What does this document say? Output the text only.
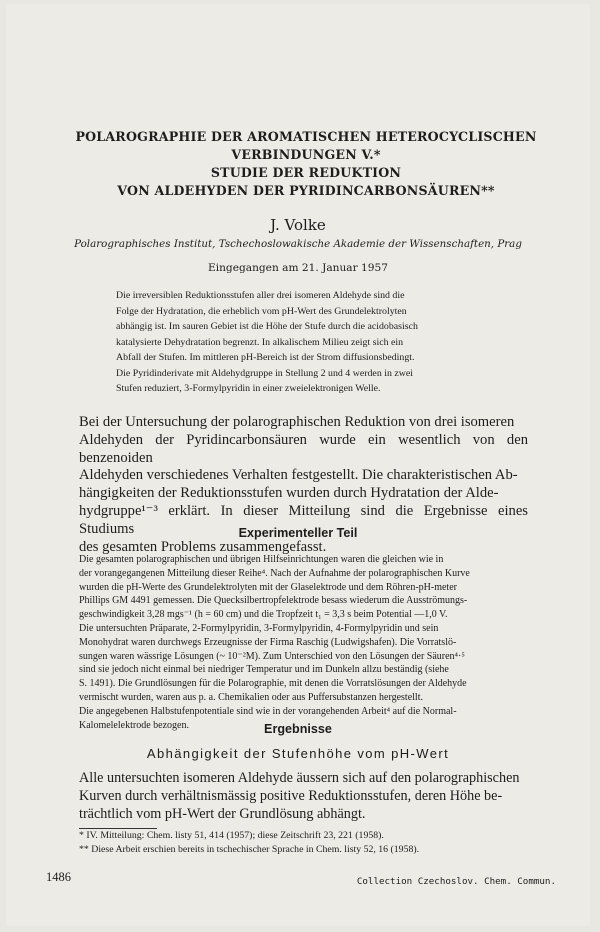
POLAROGRAPHIE DER AROMATISCHEN HETEROCYCLISCHEN
VERBINDUNGEN V.*
STUDIE DER REDUKTION
VON ALDEHYDEN DER PYRIDINCARBONSÄUREN**
J. Volke
Polarographisches Institut, Tschechoslowakische Akademie der Wissenschaften, Prag
Eingegangen am 21. Januar 1957
Die irreversiblen Reduktionsstufen aller drei isomeren Aldehyde sind die
Folge der Hydratation, die erheblich vom pH-Wert des Grundelektrolyten
abhängig ist. Im sauren Gebiet ist die Höhe der Stufe durch die acidobasisch
katalysierte Dehydratation begrenzt. In alkalischem Milieu zeigt sich ein
Abfall der Stufen. Im mittleren pH-Bereich ist der Strom diffusionsbedingt.
Die Pyridinderivate mit Aldehydgruppe in Stellung 2 und 4 werden in zwei
Stufen reduziert, 3-Formylpyridin in einer zweielektronigen Welle.
Bei der Untersuchung der polarographischen Reduktion von drei isomeren
Aldehyden der Pyridincarbonsäuren wurde ein wesentlich von den benzenoiden
Aldehyden verschiedenes Verhalten festgestellt. Die charakteristischen Ab-
hängigkeiten der Reduktionsstufen wurden durch Hydratation der Alde-
hydgruppe¹⁻³ erklärt. In dieser Mitteilung sind die Ergebnisse eines Studiums
des gesamten Problems zusammengefasst.
Experimenteller Teil
Die gesamten polarographischen und übrigen Hilfseinrichtungen waren die gleichen wie in
der vorangegangenen Mitteilung dieser Reihe⁴. Nach der Aufnahme der polarographischen Kurve
wurden die pH-Werte des Grundelektrolyten mit der Glaselektrode und dem Röhren-pH-meter
Phillips GM 4491 gemessen. Die Quecksilbertropfelektrode besass wiederum die Ausströmungs-
geschwindigkeit 3,28 mgs⁻¹ (h = 60 cm) und die Tropfzeit t₁ = 3,3 s beim Potential —1,0 V.
Die untersuchten Präparate, 2-Formylpyridin, 3-Formylpyridin, 4-Formylpyridin und sein
Monohydrat waren durchwegs Erzeugnisse der Firma Raschig (Ludwigshafen). Die Vorratslö-
sungen waren wässrige Lösungen (~ 10⁻²M). Zum Unterschied von den Lösungen der Säuren⁴·⁵
sind sie jedoch nicht einmal bei niedriger Temperatur und im Dunkeln allzu beständig (siehe
S. 1491). Die Grundlösungen für die Polarographie, mit denen die Vorratslösungen der Aldehyde
vermischt wurden, waren aus p. a. Chemikalien oder aus Puffersubstanzen hergestellt.
Die angegebenen Halbstufenpotentiale sind wie in der vorangehenden Arbeit⁴ auf die Normal-
Kalomelelektrode bezogen.	Ergebnisse
Abhängigkeit der Stufenhöhe vom pH-Wert
Alle untersuchten isomeren Aldehyde äussern sich auf den polarographischen
Kurven durch verhältnismässig positive Reduktionsstufen, deren Höhe be-
trächtlich vom pH-Wert der Grundlösung abhängt.
* IV. Mitteilung: Chem. listy 51, 414 (1957); diese Zeitschrift 23, 221 (1958).
** Diese Arbeit erschien bereits in tschechischer Sprache in Chem. listy 52, 16 (1958).
1486	Collection Czechoslov. Chem. Commun.
